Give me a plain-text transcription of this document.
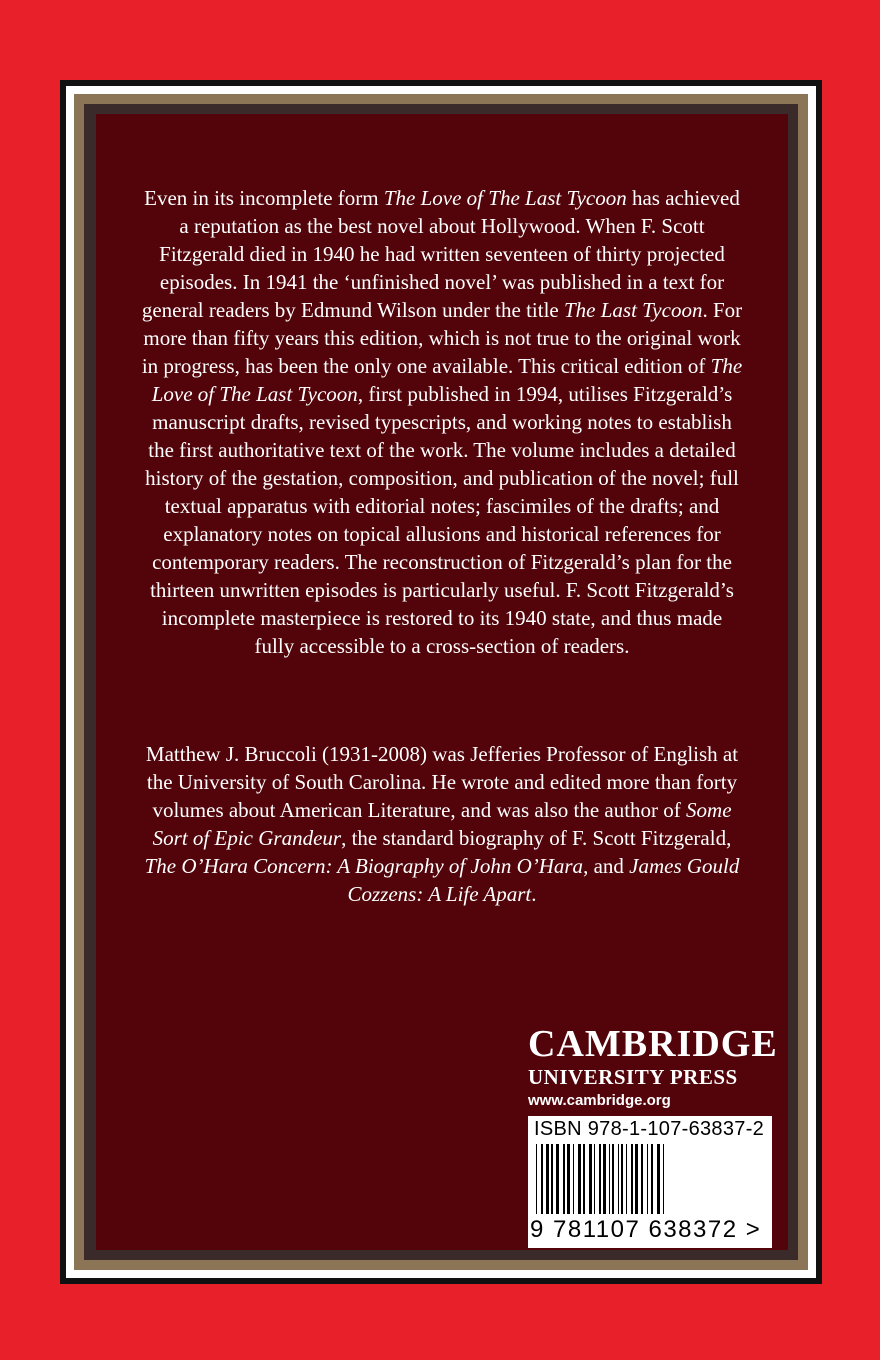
Even in its incomplete form The Love of The Last Tycoon has achieved a reputation as the best novel about Hollywood. When F. Scott Fitzgerald died in 1940 he had written seventeen of thirty projected episodes. In 1941 the ‘unfinished novel’ was published in a text for general readers by Edmund Wilson under the title The Last Tycoon. For more than fifty years this edition, which is not true to the original work in progress, has been the only one available. This critical edition of The Love of The Last Tycoon, first published in 1994, utilises Fitzgerald’s manuscript drafts, revised typescripts, and working notes to establish the first authoritative text of the work. The volume includes a detailed history of the gestation, composition, and publication of the novel; full textual apparatus with editorial notes; fascimiles of the drafts; and explanatory notes on topical allusions and historical references for contemporary readers. The reconstruction of Fitzgerald’s plan for the thirteen unwritten episodes is particularly useful. F. Scott Fitzgerald’s incomplete masterpiece is restored to its 1940 state, and thus made fully accessible to a cross-section of readers.

Matthew J. Bruccoli (1931-2008) was Jefferies Professor of English at the University of South Carolina. He wrote and edited more than forty volumes about American Literature, and was also the author of Some Sort of Epic Grandeur, the standard biography of F. Scott Fitzgerald, The O’Hara Concern: A Biography of John O’Hara, and James Gould Cozzens: A Life Apart.

CAMBRIDGE

UNIVERSITY PRESS

www.cambridge.org

ISBN 978-1-107-63837-2
9 781107 638372 >
